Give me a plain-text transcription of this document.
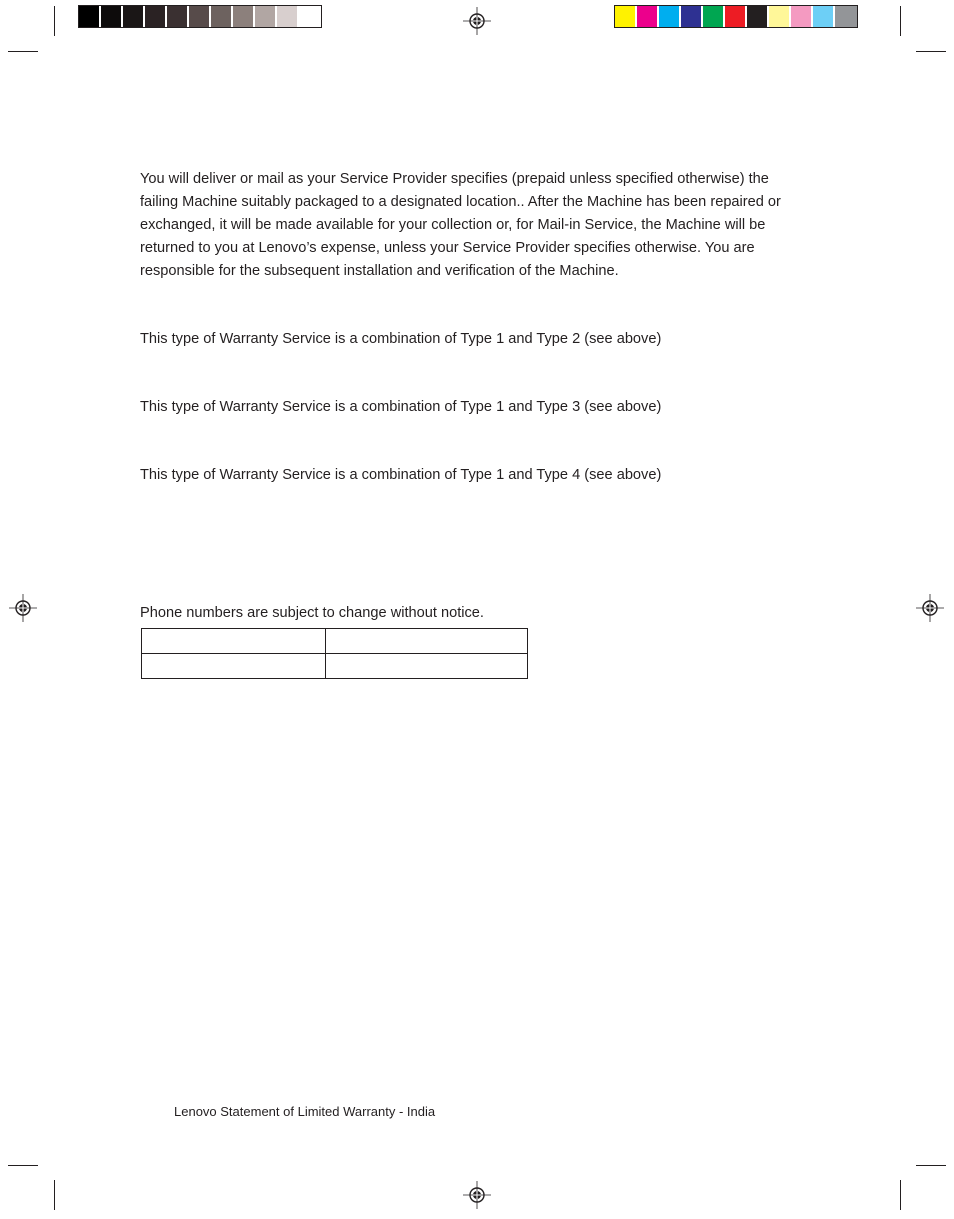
You will deliver or mail as your Service Provider specifies (prepaid unless specified otherwise) the failing Machine suitably packaged to a designated location.. After the Machine has been repaired or exchanged, it will be made available for your collection or, for Mail-in Service, the Machine will be returned to you at Lenovo’s expense, unless your Service Provider specifies otherwise. You are responsible for the subsequent installation and verification of the Machine.

This type of Warranty Service is a combination of Type 1 and Type 2 (see above)

This type of Warranty Service is a combination of Type 1 and Type 3 (see above)

This type of Warranty Service is a combination of Type 1 and Type 4 (see above)

Phone numbers are subject to change without notice.

Lenovo Statement of Limited Warranty - India
